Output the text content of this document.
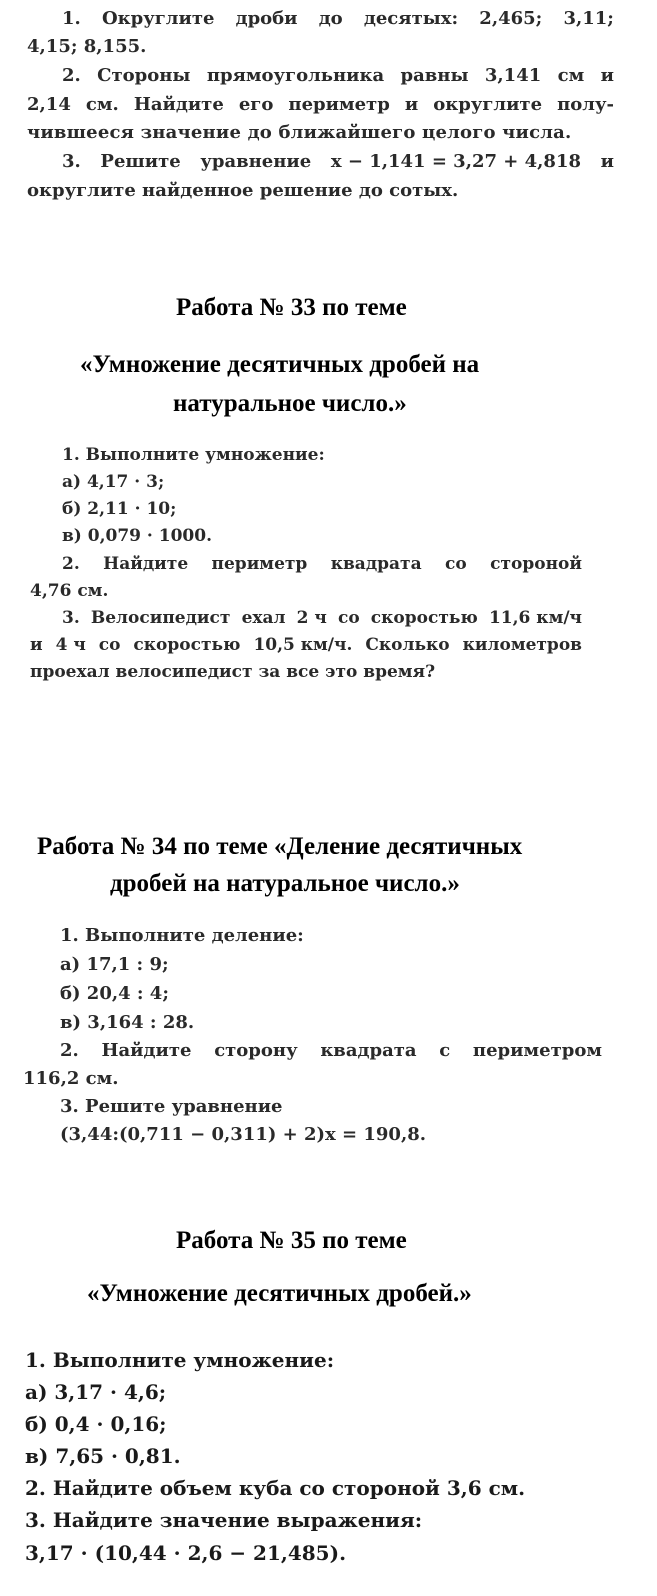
1. Округлите дроби до десятых: 2,465; 3,11;
4,15; 8,155.
2. Стороны прямоугольника равны 3,141 см и
2,14 см. Найдите его периметр и округлите полу-
чившееся значение до ближайшего целого числа.
3. Решите уравнение x − 1,141 = 3,27 + 4,818 и
округлите найденное решение до сотых.
Работа № 33 по теме
«Умножение десятичных дробей на
натуральное число.»
1. Выполните умножение:
а) 4,17 · 3;
б) 2,11 · 10;
в) 0,079 · 1000.
2. Найдите периметр квадрата со стороной
4,76 см.
3. Велосипедист ехал 2 ч со скоростью 11,6 км/ч
и 4 ч со скоростью 10,5 км/ч. Сколько километров
проехал велосипедист за все это время?
Работа № 34 по теме «Деление десятичных
дробей на натуральное число.»
1. Выполните деление:
а) 17,1 : 9;
б) 20,4 : 4;
в) 3,164 : 28.
2. Найдите сторону квадрата с периметром
116,2 см.
3. Решите уравнение
(3,44:(0,711 − 0,311) + 2)x = 190,8.
Работа № 35 по теме
«Умножение десятичных дробей.»
1. Выполните умножение:
а) 3,17 · 4,6;
б) 0,4 · 0,16;
в) 7,65 · 0,81.
2. Найдите объем куба со стороной 3,6 см.
3. Найдите значение выражения:
3,17 · (10,44 · 2,6 − 21,485).
